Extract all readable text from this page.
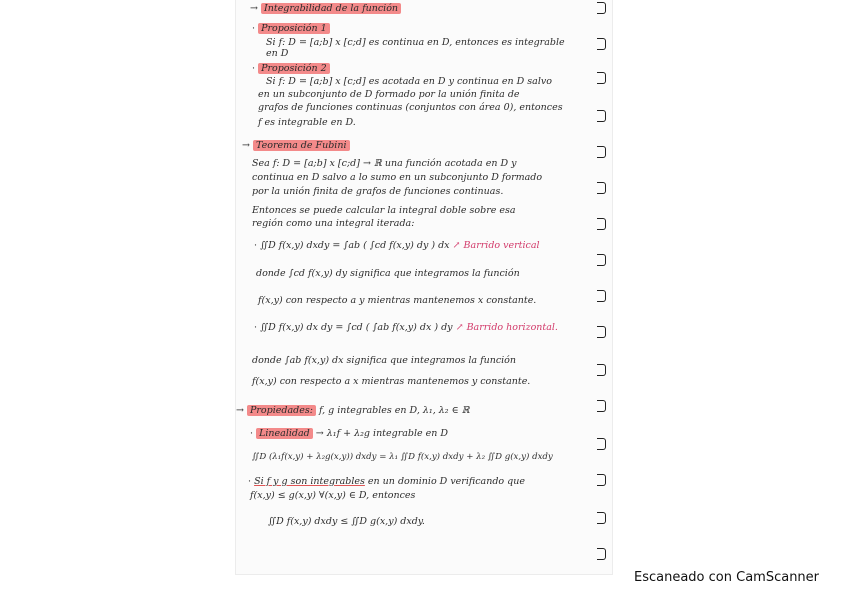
→ Integrabilidad de la función
· Proposición 1
Si f: D = [a;b] x [c;d] es continua en D, entonces es integrable
en D
· Proposición 2
Si f: D = [a;b] x [c;d] es acotada en D y continua en D salvo
en un subconjunto de D formado por la unión finita de
grafos de funciones continuas (conjuntos con área 0), entonces
f es integrable en D.
→ Teorema de Fubini
Sea f: D = [a;b] x [c;d] → ℝ una función acotada en D y
continua en D salvo a lo sumo en un subconjunto D formado
por la unión finita de grafos de funciones continuas.
Entonces se puede calcular la integral doble sobre esa
región como una integral iterada:
· ∬D f(x,y) dxdy = ∫ab ( ∫cd f(x,y) dy ) dx ↗ Barrido vertical
donde ∫cd f(x,y) dy significa que integramos la función
f(x,y) con respecto a y mientras mantenemos x constante.
· ∬D f(x,y) dx dy = ∫cd ( ∫ab f(x,y) dx ) dy ↗ Barrido horizontal.
donde ∫ab f(x,y) dx significa que integramos la función
f(x,y) con respecto a x mientras mantenemos y constante.
→ Propiedades: f, g integrables en D, λ₁, λ₂ ∈ ℝ
· Linealidad → λ₁f + λ₂g integrable en D
∬D (λ₁f(x,y) + λ₂g(x,y)) dxdy = λ₁ ∬D f(x,y) dxdy + λ₂ ∬D g(x,y) dxdy
· Si f y g son integrables en un dominio D verificando que
f(x,y) ≤ g(x,y) ∀(x,y) ∈ D, entonces
∬D f(x,y) dxdy ≤ ∬D g(x,y) dxdy.
Escaneado con CamScanner
